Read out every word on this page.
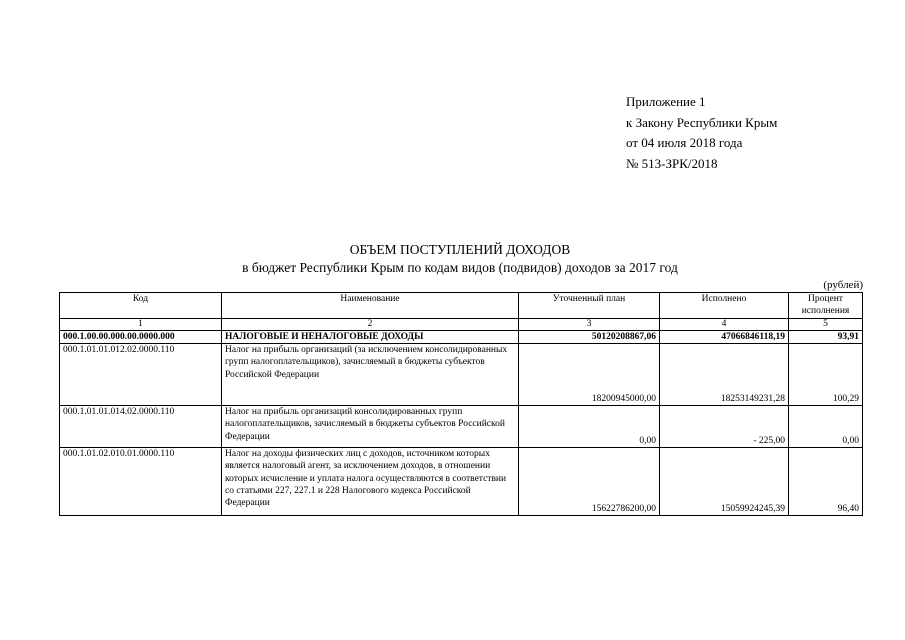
Приложение 1
к Закону Республики Крым
от 04 июля 2018 года
№ 513-ЗРК/2018
ОБЪЕМ ПОСТУПЛЕНИЙ ДОХОДОВ
в бюджет Республики Крым по кодам видов (подвидов) доходов за 2017 год
(рублей)
Код	Наименование	Уточненный план	Исполнено	Процент исполнения
1	2	3	4	5
000.1.00.00.000.00.0000.000	НАЛОГОВЫЕ И НЕНАЛОГОВЫЕ ДОХОДЫ	50120208867,06	47066846118,19	93,91
000.1.01.01.012.02.0000.110	Налог на прибыль организаций (за исключением консолидированных групп налогоплательщиков), зачисляемый в бюджеты субъектов Российской Федерации	18200945000,00	18253149231,28	100,29
000.1.01.01.014.02.0000.110	Налог на прибыль организаций консолидированных групп налогоплательщиков, зачисляемый в бюджеты субъектов Российской Федерации	0,00	- 225,00	0,00
000.1.01.02.010.01.0000.110	Налог на доходы физических лиц с доходов, источником которых является налоговый агент, за исключением доходов, в отношении которых исчисление и уплата налога осуществляются в соответствии со статьями 227, 227.1 и 228 Налогового кодекса Российской Федерации	15622786200,00	15059924245,39	96,40
